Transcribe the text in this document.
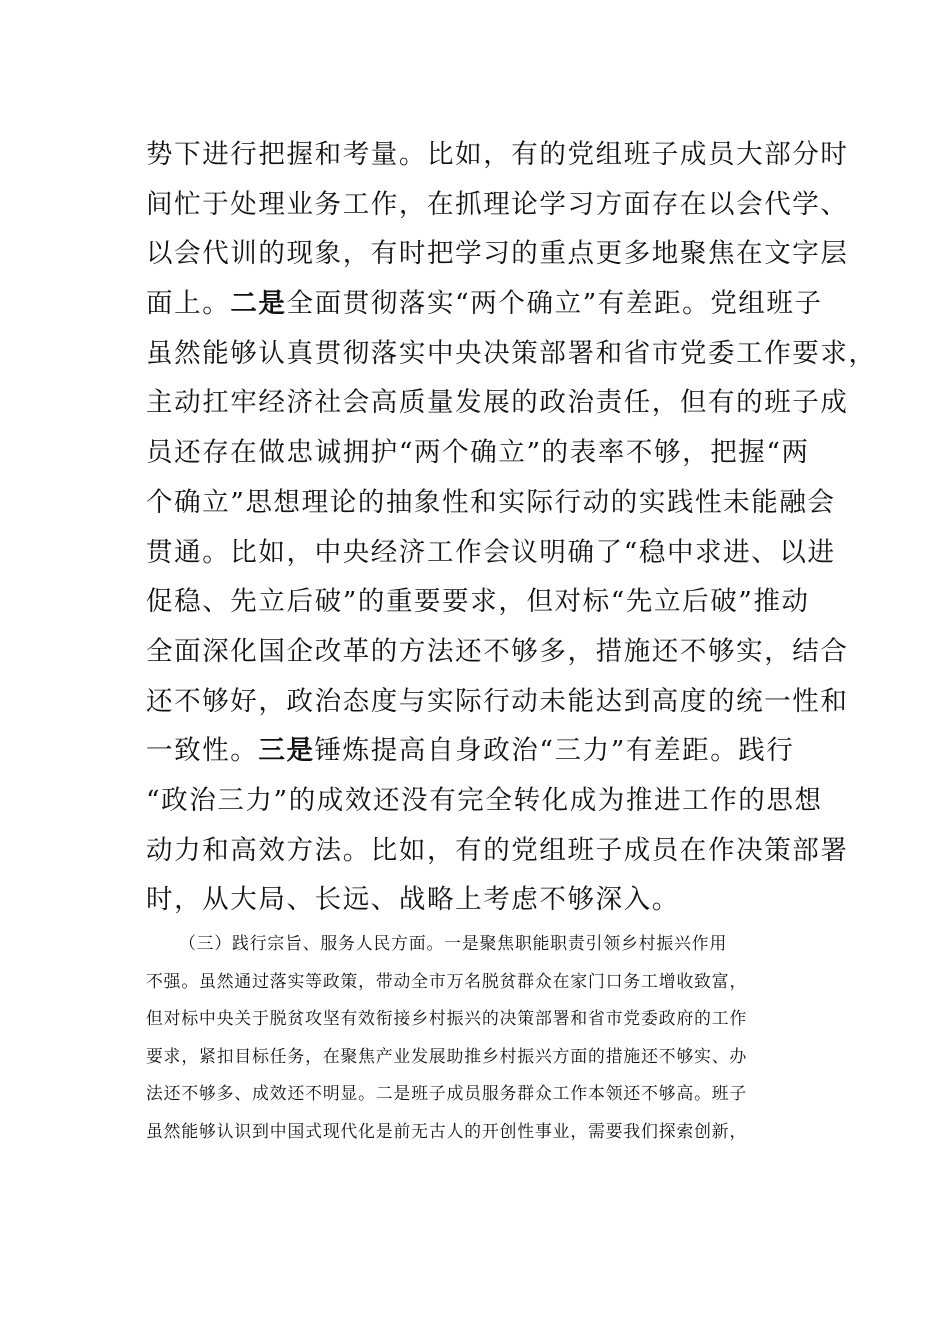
势下进行把握和考量。比如，有的党组班子成员大部分时
间忙于处理业务工作，在抓理论学习方面存在以会代学、
以会代训的现象，有时把学习的重点更多地聚焦在文字层
面上。二是全面贯彻落实“两个确立”有差距。党组班子
虽然能够认真贯彻落实中央决策部署和省市党委工作要求，
主动扛牢经济社会高质量发展的政治责任，但有的班子成
员还存在做忠诚拥护“两个确立”的表率不够，把握“两
个确立”思想理论的抽象性和实际行动的实践性未能融会
贯通。比如，中央经济工作会议明确了“稳中求进、以进
促稳、先立后破”的重要要求，但对标“先立后破”推动
全面深化国企改革的方法还不够多，措施还不够实，结合
还不够好，政治态度与实际行动未能达到高度的统一性和
一致性。三是锤炼提高自身政治“三力”有差距。践行
“政治三力”的成效还没有完全转化成为推进工作的思想
动力和高效方法。比如，有的党组班子成员在作决策部署
时，从大局、长远、战略上考虑不够深入。
（三）践行宗旨、服务人民方面。一是聚焦职能职责引领乡村振兴作用
不强。虽然通过落实等政策，带动全市万名脱贫群众在家门口务工增收致富，
但对标中央关于脱贫攻坚有效衔接乡村振兴的决策部署和省市党委政府的工作
要求，紧扣目标任务，在聚焦产业发展助推乡村振兴方面的措施还不够实、办
法还不够多、成效还不明显。二是班子成员服务群众工作本领还不够高。班子
虽然能够认识到中国式现代化是前无古人的开创性事业，需要我们探索创新，
